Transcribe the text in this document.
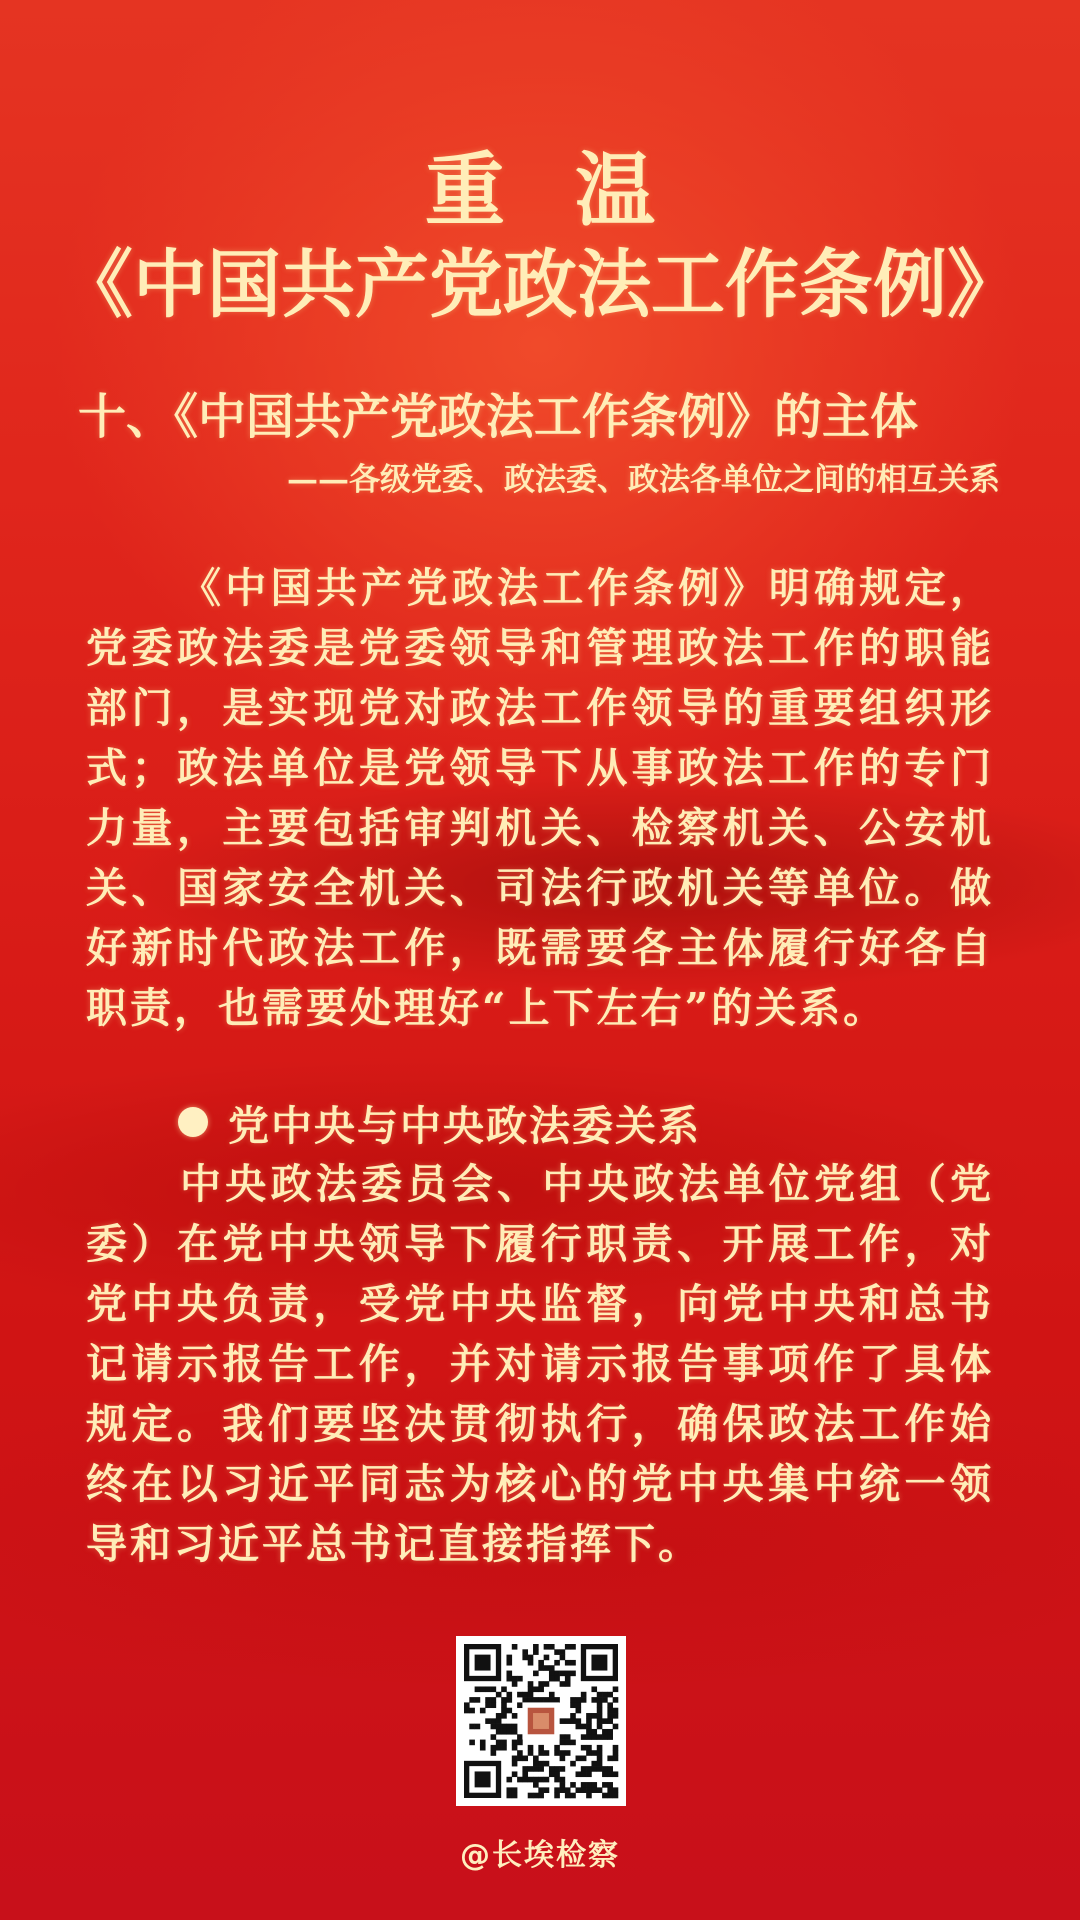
重温
《中国共产党政法工作条例》
十、《中国共产党政法工作条例》的主体
——各级党委、政法委、政法各单位之间的相互关系
《中国共产党政法工作条例》明确规定，党委政法委是党委领导和管理政法工作的职能部门，是实现党对政法工作领导的重要组织形式；政法单位是党领导下从事政法工作的专门力量，主要包括审判机关、检察机关、公安机关、国家安全机关、司法行政机关等单位。做好新时代政法工作，既需要各主体履行好各自职责，也需要处理好“上下左右”的关系。
党中央与中央政法委关系
中央政法委员会、中央政法单位党组（党委）在党中央领导下履行职责、开展工作，对党中央负责，受党中央监督，向党中央和总书记请示报告工作，并对请示报告事项作了具体规定。我们要坚决贯彻执行，确保政法工作始终在以习近平同志为核心的党中央集中统一领导和习近平总书记直接指挥下。
@长埃检察
